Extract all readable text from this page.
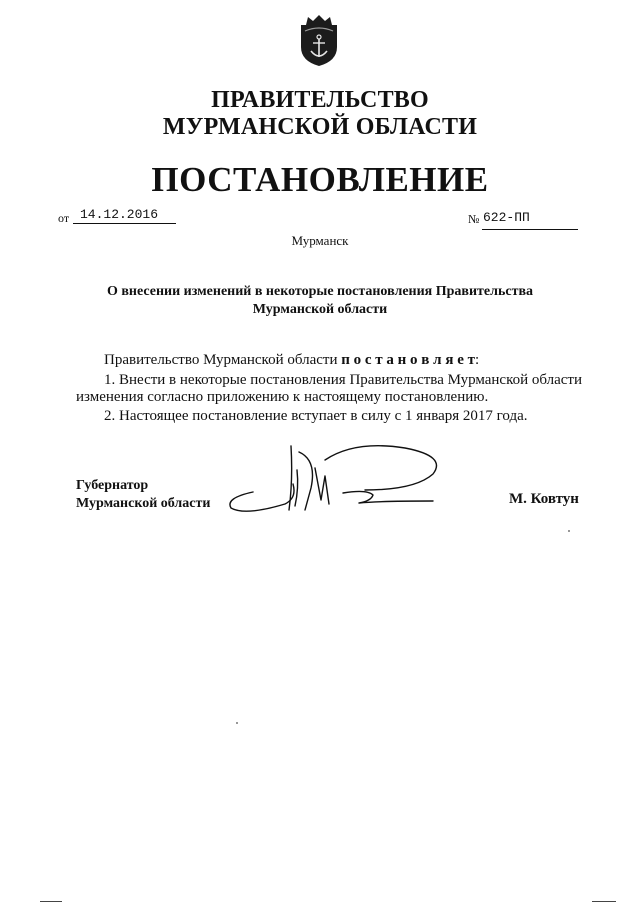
ПРАВИТЕЛЬСТВО
МУРМАНСКОЙ ОБЛАСТИ
ПОСТАНОВЛЕНИЕ
от 14.12.2016	№ 622-ПП
Мурманск
О внесении изменений в некоторые постановления Правительства
Мурманской области
Правительство Мурманской области п о с т а н о в л я е т:
1. Внести в некоторые постановления Правительства Мурманской области
изменения согласно приложению к настоящему постановлению.
2. Настоящее постановление вступает в силу с 1 января 2017 года.
Губернатор
Мурманской области	М. Ковтун
